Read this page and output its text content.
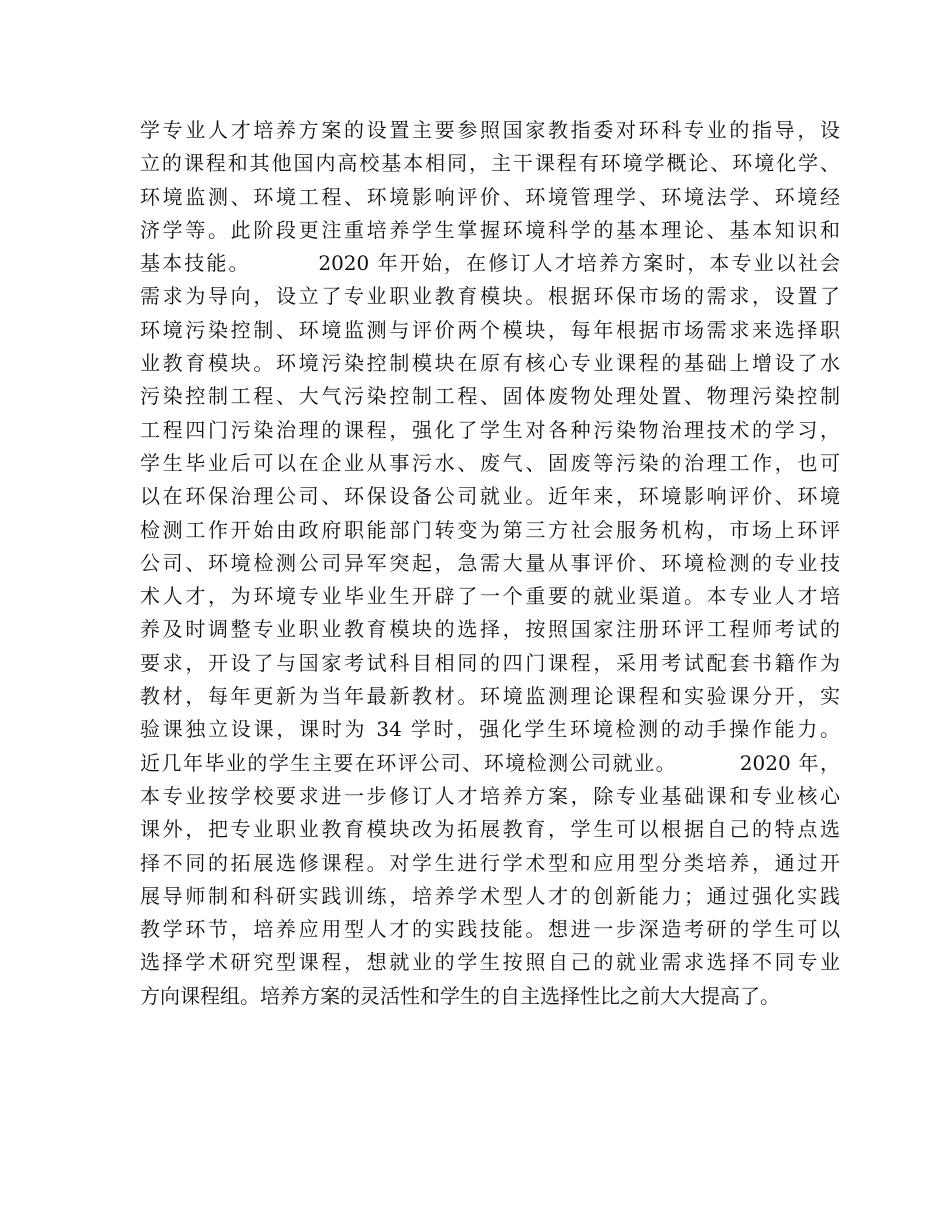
学专业人才培养方案的设置主要参照国家教指委对环科专业的指导，设
立的课程和其他国内高校基本相同，主干课程有环境学概论、环境化学、
环境监测、环境工程、环境影响评价、环境管理学、环境法学、环境经
济学等。此阶段更注重培养学生掌握环境科学的基本理论、基本知识和
基本技能。        2020 年开始，在修订人才培养方案时，本专业以社会
需求为导向，设立了专业职业教育模块。根据环保市场的需求，设置了
环境污染控制、环境监测与评价两个模块，每年根据市场需求来选择职
业教育模块。环境污染控制模块在原有核心专业课程的基础上增设了水
污染控制工程、大气污染控制工程、固体废物处理处置、物理污染控制
工程四门污染治理的课程，强化了学生对各种污染物治理技术的学习，
学生毕业后可以在企业从事污水、废气、固废等污染的治理工作，也可
以在环保治理公司、环保设备公司就业。近年来，环境影响评价、环境
检测工作开始由政府职能部门转变为第三方社会服务机构，市场上环评
公司、环境检测公司异军突起，急需大量从事评价、环境检测的专业技
术人才，为环境专业毕业生开辟了一个重要的就业渠道。本专业人才培
养及时调整专业职业教育模块的选择，按照国家注册环评工程师考试的
要求，开设了与国家考试科目相同的四门课程，采用考试配套书籍作为
教材，每年更新为当年最新教材。环境监测理论课程和实验课分开，实
验课独立设课，课时为 34 学时，强化学生环境检测的动手操作能力。
近几年毕业的学生主要在环评公司、环境检测公司就业。        2020 年，
本专业按学校要求进一步修订人才培养方案，除专业基础课和专业核心
课外，把专业职业教育模块改为拓展教育，学生可以根据自己的特点选
择不同的拓展选修课程。对学生进行学术型和应用型分类培养，通过开
展导师制和科研实践训练，培养学术型人才的创新能力；通过强化实践
教学环节，培养应用型人才的实践技能。想进一步深造考研的学生可以
选择学术研究型课程，想就业的学生按照自己的就业需求选择不同专业
方向课程组。培养方案的灵活性和学生的自主选择性比之前大大提高了。
